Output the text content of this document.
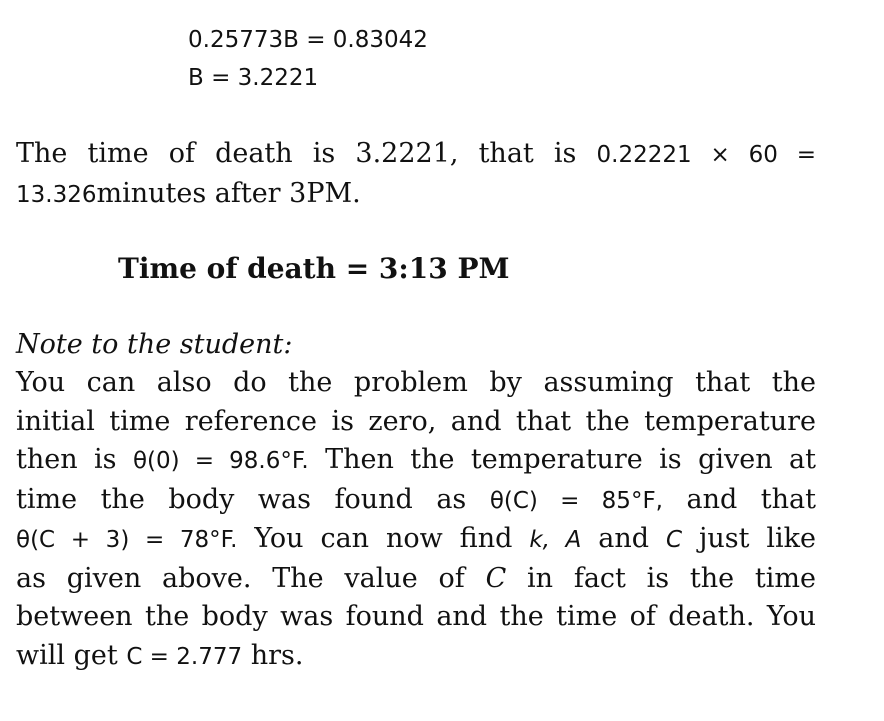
0.25773B = 0.83042
B = 3.2221
The time of death is 3.2221, that is 0.22221 × 60 =
13.326minutes after 3PM.
Time of death = 3:13 PM
Note to the student:
You can also do the problem by assuming that the
initial time reference is zero, and that the temperature
then is θ(0) = 98.6°F. Then the temperature is given at
time the body was found as θ(C) = 85°F, and that
θ(C + 3) = 78°F. You can now find k, A and C just like
as given above. The value of C in fact is the time
between the body was found and the time of death. You
will get C = 2.777 hrs.
